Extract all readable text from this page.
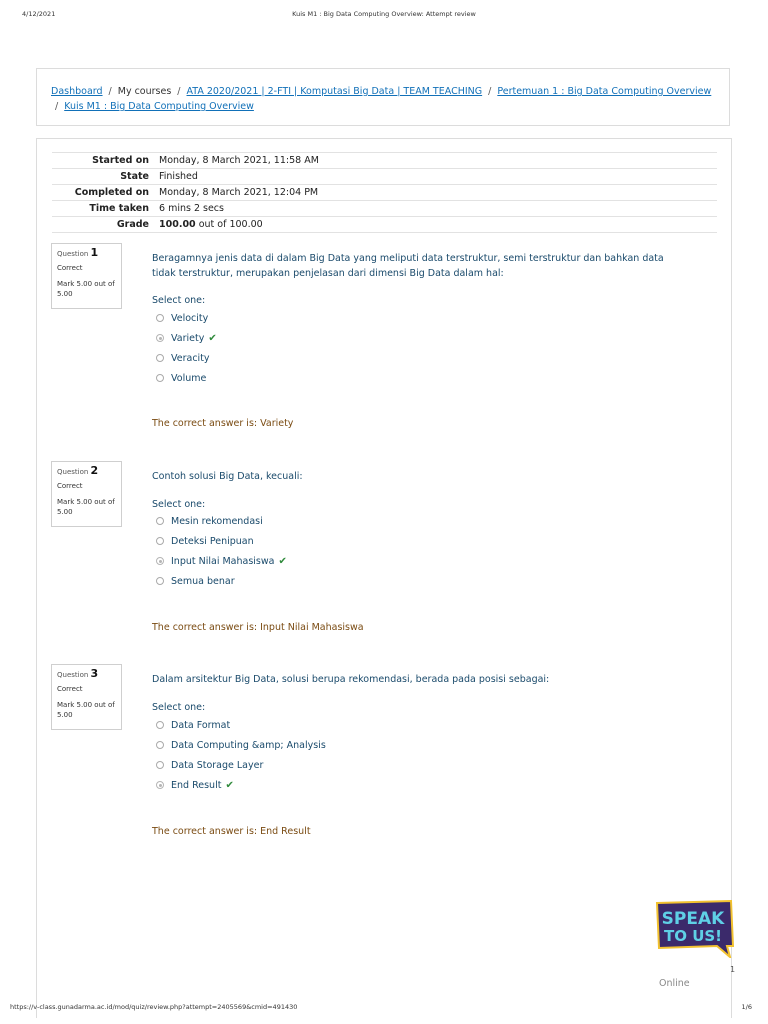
4/12/2021	Kuis M1 : Big Data Computing Overview: Attempt review
Dashboard / My courses / ATA 2020/2021 | 2-FTI | Komputasi Big Data | TEAM TEACHING / Pertemuan 1 : Big Data Computing Overview
/ Kuis M1 : Big Data Computing Overview
Started on	Monday, 8 March 2021, 11:58 AM
State	Finished
Completed on	Monday, 8 March 2021, 12:04 PM
Time taken	6 mins 2 secs
Grade	100.00 out of 100.00
Question 1
Correct
Mark 5.00 out of 5.00
Beragamnya jenis data di dalam Big Data yang meliputi data terstruktur, semi terstruktur dan bahkan data tidak terstruktur, merupakan penjelasan dari dimensi Big Data dalam hal:
Select one:
Velocity
Variety ✔
Veracity
Volume
The correct answer is: Variety
Question 2
Correct
Mark 5.00 out of 5.00
Contoh solusi Big Data, kecuali:
Select one:
Mesin rekomendasi
Deteksi Penipuan
Input Nilai Mahasiswa ✔
Semua benar
The correct answer is: Input Nilai Mahasiswa
Question 3
Correct
Mark 5.00 out of 5.00
Dalam arsitektur Big Data, solusi berupa rekomendasi, berada pada posisi sebagai:
Select one:
Data Format
Data Computing &amp; Analysis
Data Storage Layer
End Result ✔
The correct answer is: End Result
SPEAK
TO US!
1
Online
https://v-class.gunadarma.ac.id/mod/quiz/review.php?attempt=2405569&cmid=491430	1/6
